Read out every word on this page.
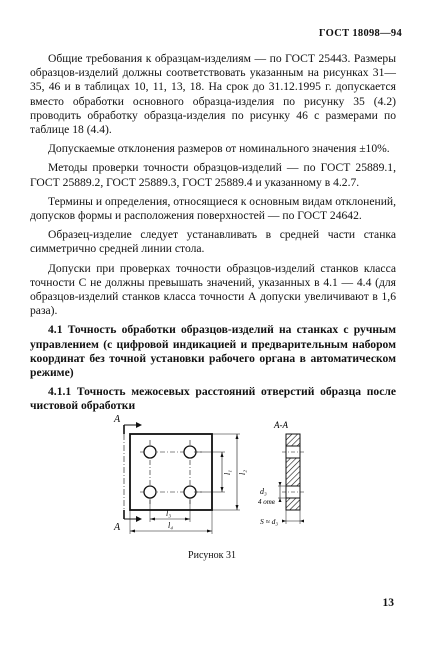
ГОСТ 18098—94

Общие требования к образцам-изделиям — по ГОСТ 25443. Размеры образцов-изделий должны соответствовать указанным на рисунках 31—35, 46 и в таблицах 10, 11, 13, 18. На срок до 31.12.1995 г. допускается вместо обработки основного образца-изделия по рисунку 35 (4.2) проводить обработку образца-изделия по рисунку 46 с размерами по таблице 18 (4.4).

Допускаемые отклонения размеров от номинального значения ±10%.

Методы проверки точности образцов-изделий — по ГОСТ 25889.1, ГОСТ 25889.2, ГОСТ 25889.3, ГОСТ 25889.4 и указанному в 4.2.7.

Термины и определения, относящиеся к основным видам отклонений, допусков формы и расположения поверхностей — по ГОСТ 24642.

Образец-изделие следует устанавливать в средней части станка симметрично средней линии стола.

Допуски при проверках точности образцов-изделий станков класса точности С не должны превышать значений, указанных в 4.1 — 4.4 (для образцов-изделий станков класса точности А допуски увеличивают в 1,6 раза).

4.1 Точность обработки образцов-изделий на станках с ручным управлением (с цифровой индикацией и предварительным набором координат без точной установки рабочего органа в автоматическом режиме)

4.1.1 Точность межосевых расстояний отверстий образца после чистовой обработки

А
А
l₁ l₂
l₃
l₄
А-А
d₃
4 отв
S ≈ d₃
Рисунок 31
13
